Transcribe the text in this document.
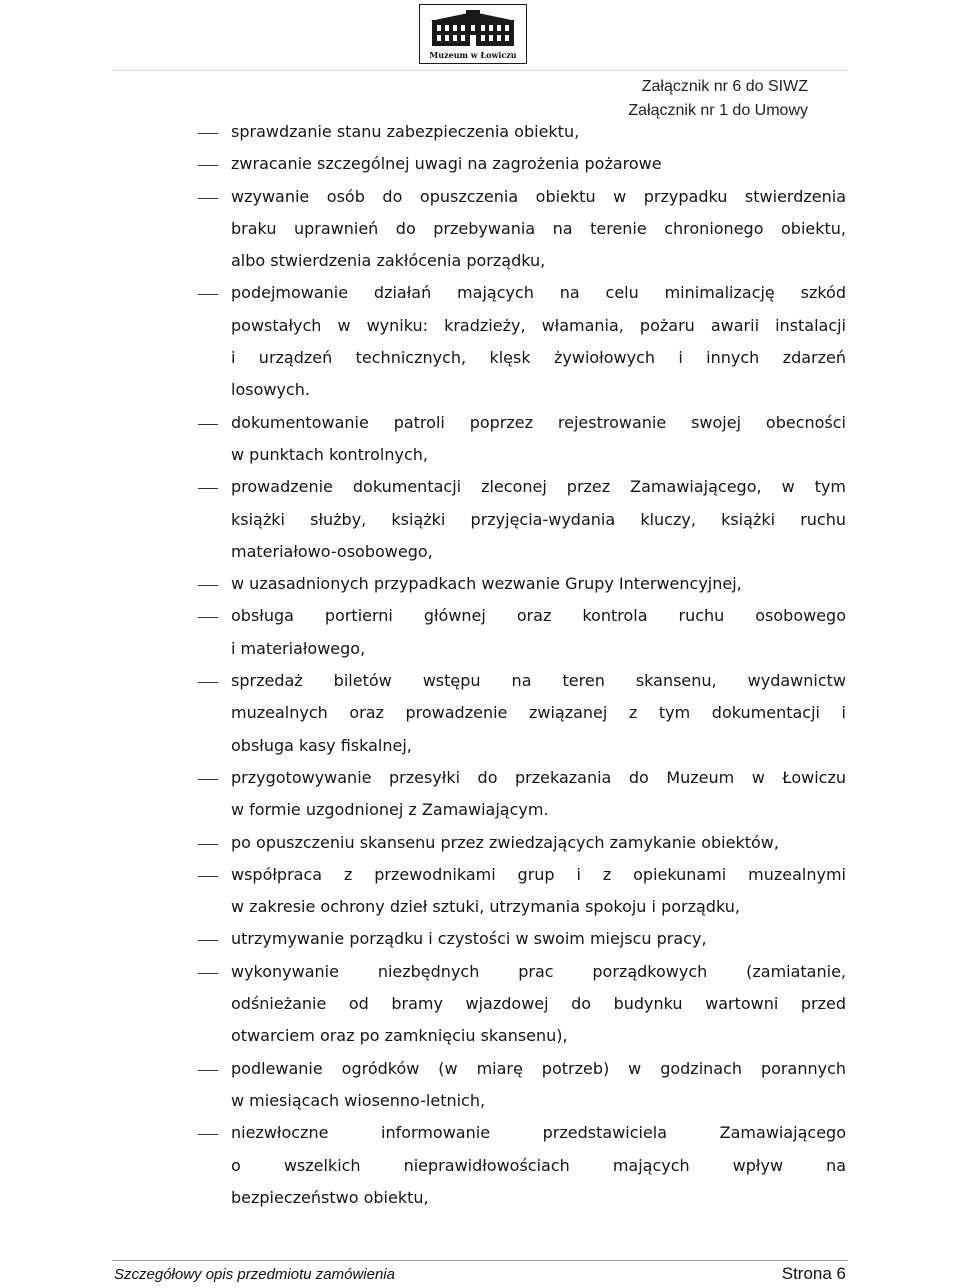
Muzeum w Łowiczu
Załącznik nr 6 do SIWZ
Załącznik nr 1 do Umowy
sprawdzanie stanu zabezpieczenia obiektu,
zwracanie szczególnej uwagi na zagrożenia pożarowe
wzywanie osób do opuszczenia obiektu w przypadku stwierdzenia
braku uprawnień do przebywania na terenie chronionego obiektu,
albo stwierdzenia zakłócenia porządku,
podejmowanie działań mających na celu minimalizację szkód
powstałych w wyniku: kradzieży, włamania, pożaru awarii instalacji
i urządzeń technicznych, klęsk żywiołowych i innych zdarzeń
losowych.
dokumentowanie patroli poprzez rejestrowanie swojej obecności
w punktach kontrolnych,
prowadzenie dokumentacji zleconej przez Zamawiającego, w tym
książki służby, książki przyjęcia-wydania kluczy, książki ruchu
materiałowo-osobowego,
w uzasadnionych przypadkach wezwanie Grupy Interwencyjnej,
obsługa portierni głównej oraz kontrola ruchu osobowego
i materiałowego,
sprzedaż biletów wstępu na teren skansenu, wydawnictw
muzealnych oraz prowadzenie związanej z tym dokumentacji i
obsługa kasy fiskalnej,
przygotowywanie przesyłki do przekazania do Muzeum w Łowiczu
w formie uzgodnionej z Zamawiającym.
po opuszczeniu skansenu przez zwiedzających zamykanie obiektów,
współpraca z przewodnikami grup i z opiekunami muzealnymi
w zakresie ochrony dzieł sztuki, utrzymania spokoju i porządku,
utrzymywanie porządku i czystości w swoim miejscu pracy,
wykonywanie niezbędnych prac porządkowych (zamiatanie,
odśnieżanie od bramy wjazdowej do budynku wartowni przed
otwarciem oraz po zamknięciu skansenu),
podlewanie ogródków (w miarę potrzeb) w godzinach porannych
w miesiącach wiosenno-letnich,
niezwłoczne informowanie przedstawiciela Zamawiającego
o wszelkich nieprawidłowościach mających wpływ na
bezpieczeństwo obiektu,
Szczegółowy opis przedmiotu zamówienia	Strona 6
